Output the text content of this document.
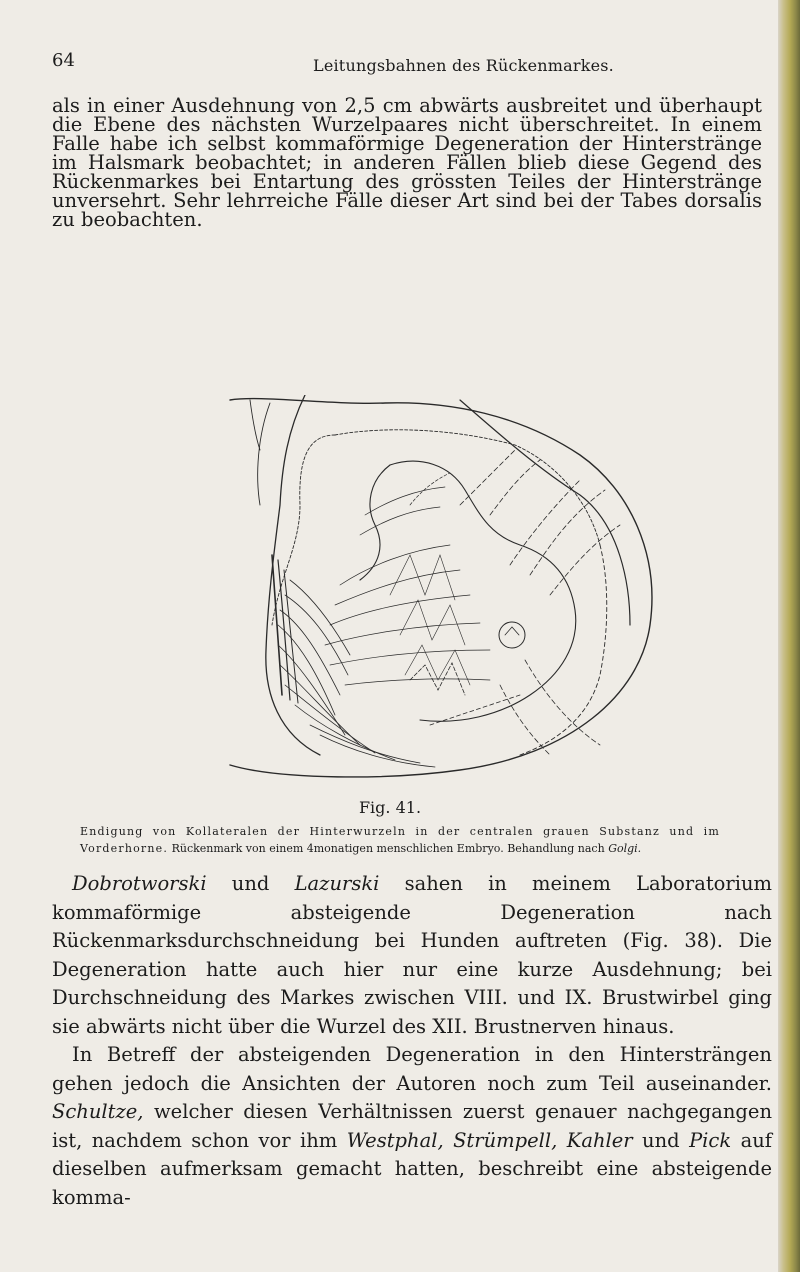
64	Leitungsbahnen des Rückenmarkes.
als in einer Ausdehnung von 2,5 cm abwärts ausbreitet und überhaupt die Ebene des nächsten Wurzelpaares nicht überschreitet. In einem Falle habe ich selbst kommaförmige Degeneration der Hinterstränge im Halsmark beobachtet; in anderen Fällen blieb diese Gegend des Rückenmarkes bei Entartung des grössten Teiles der Hinterstränge unversehrt. Sehr lehrreiche Fälle dieser Art sind bei der Tabes dorsalis zu beobachten.
Fig. 41.
Endigung von Kollateralen der Hinterwurzeln in der centralen grauen Substanz und im Vorderhorne. Rückenmark von einem 4monatigen menschlichen Embryo. Behandlung nach Golgi.

Dobrotworski und Lazurski sahen in meinem Laboratorium kommaförmige absteigende Degeneration nach Rückenmarksdurchschneidung bei Hunden auftreten (Fig. 38). Die Degeneration hatte auch hier nur eine kurze Ausdehnung; bei Durchschneidung des Markes zwischen VIII. und IX. Brustwirbel ging sie abwärts nicht über die Wurzel des XII. Brustnerven hinaus.

In Betreff der absteigenden Degeneration in den Hintersträngen gehen jedoch die Ansichten der Autoren noch zum Teil auseinander. Schultze, welcher diesen Verhältnissen zuerst genauer nachgegangen ist, nachdem schon vor ihm Westphal, Strümpell, Kahler und Pick auf dieselben aufmerksam gemacht hatten, beschreibt eine absteigende komma-
